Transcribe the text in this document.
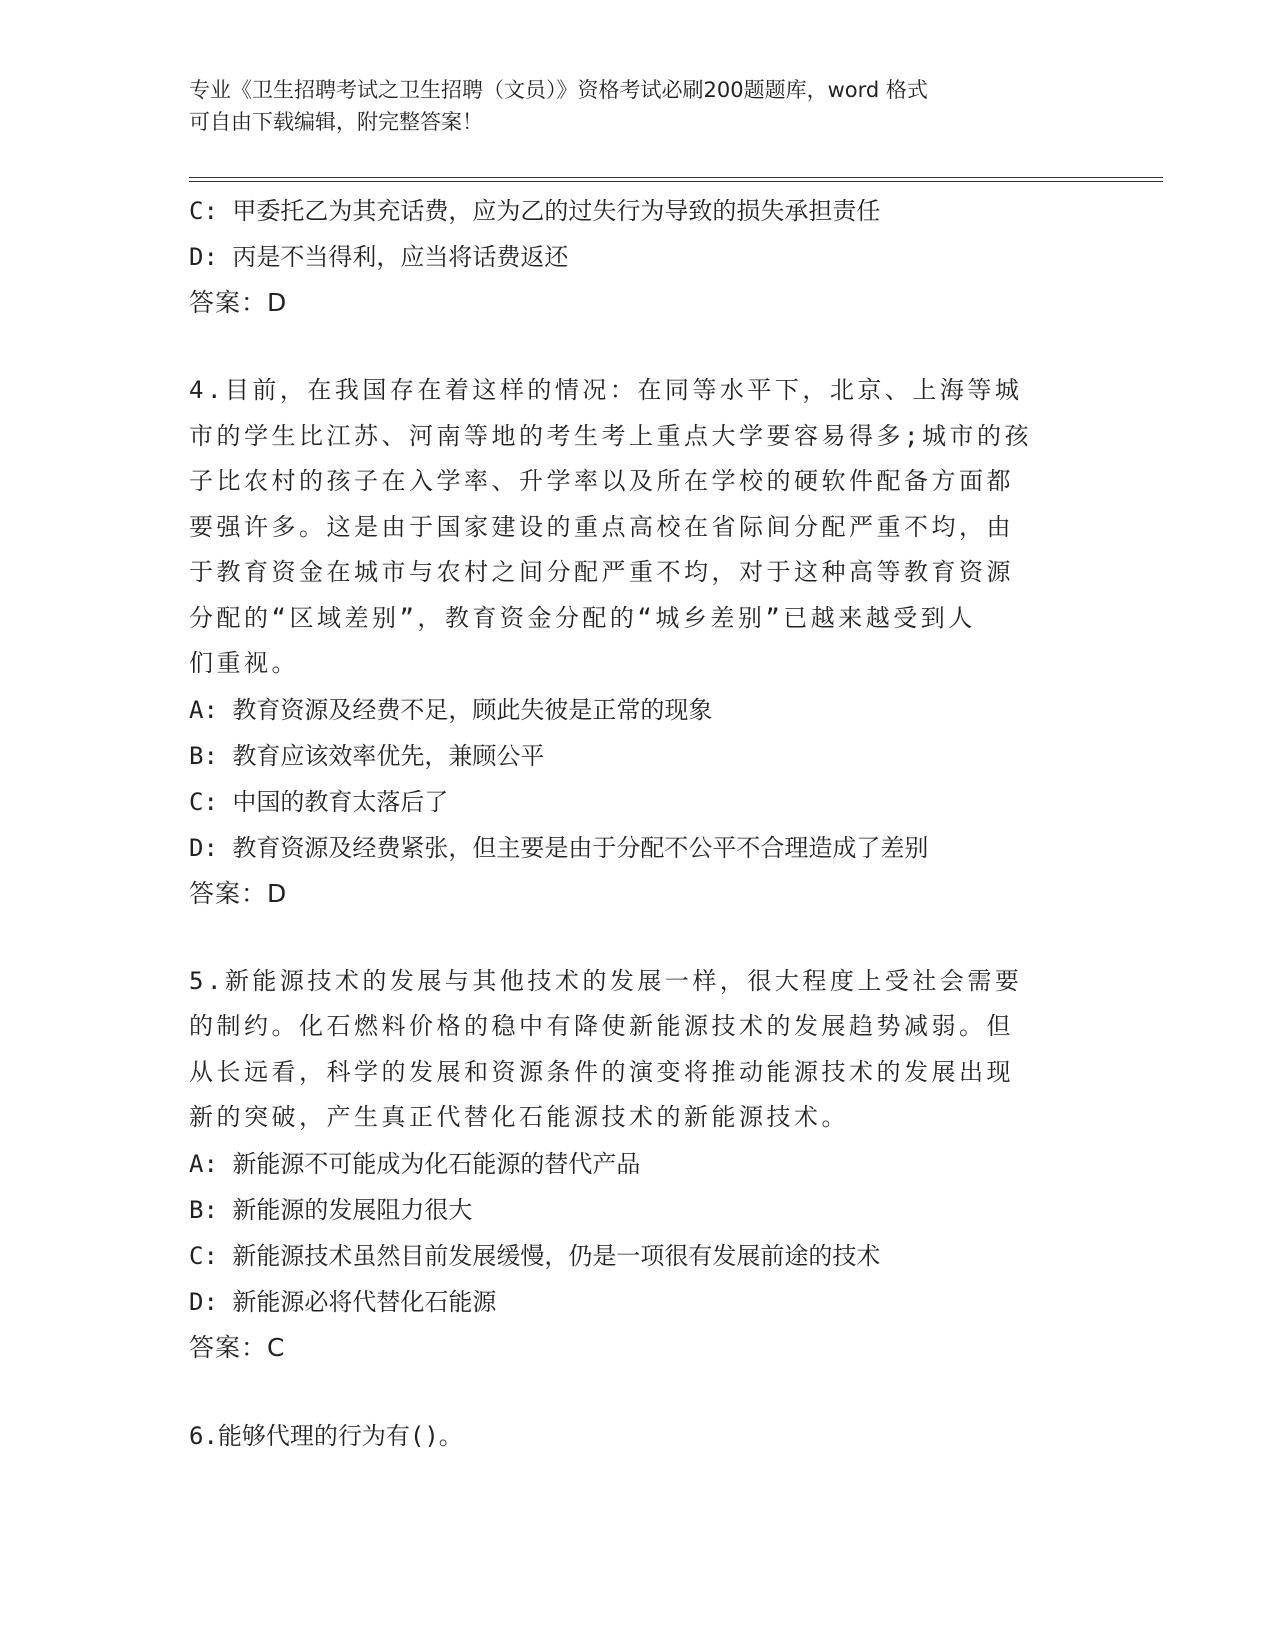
专业《卫生招聘考试之卫生招聘（文员）》资格考试必刷200题题库，word 格式
可自由下载编辑，附完整答案！
C: 甲委托乙为其充话费，应为乙的过失行为导致的损失承担责任
D: 丙是不当得利，应当将话费返还
答案：D
4.目前，在我国存在着这样的情况：在同等水平下，北京、上海等城
市的学生比江苏、河南等地的考生考上重点大学要容易得多;城市的孩
子比农村的孩子在入学率、升学率以及所在学校的硬软件配备方面都
要强许多。这是由于国家建设的重点高校在省际间分配严重不均，由
于教育资金在城市与农村之间分配严重不均，对于这种高等教育资源
分配的“区域差别”，教育资金分配的“城乡差别”已越来越受到人
们重视。
A: 教育资源及经费不足，顾此失彼是正常的现象
B: 教育应该效率优先，兼顾公平
C: 中国的教育太落后了
D: 教育资源及经费紧张，但主要是由于分配不公平不合理造成了差别
答案：D
5.新能源技术的发展与其他技术的发展一样，很大程度上受社会需要
的制约。化石燃料价格的稳中有降使新能源技术的发展趋势减弱。但
从长远看，科学的发展和资源条件的演变将推动能源技术的发展出现
新的突破，产生真正代替化石能源技术的新能源技术。
A: 新能源不可能成为化石能源的替代产品
B: 新能源的发展阻力很大
C: 新能源技术虽然目前发展缓慢，仍是一项很有发展前途的技术
D: 新能源必将代替化石能源
答案：C
6.能够代理的行为有()。
